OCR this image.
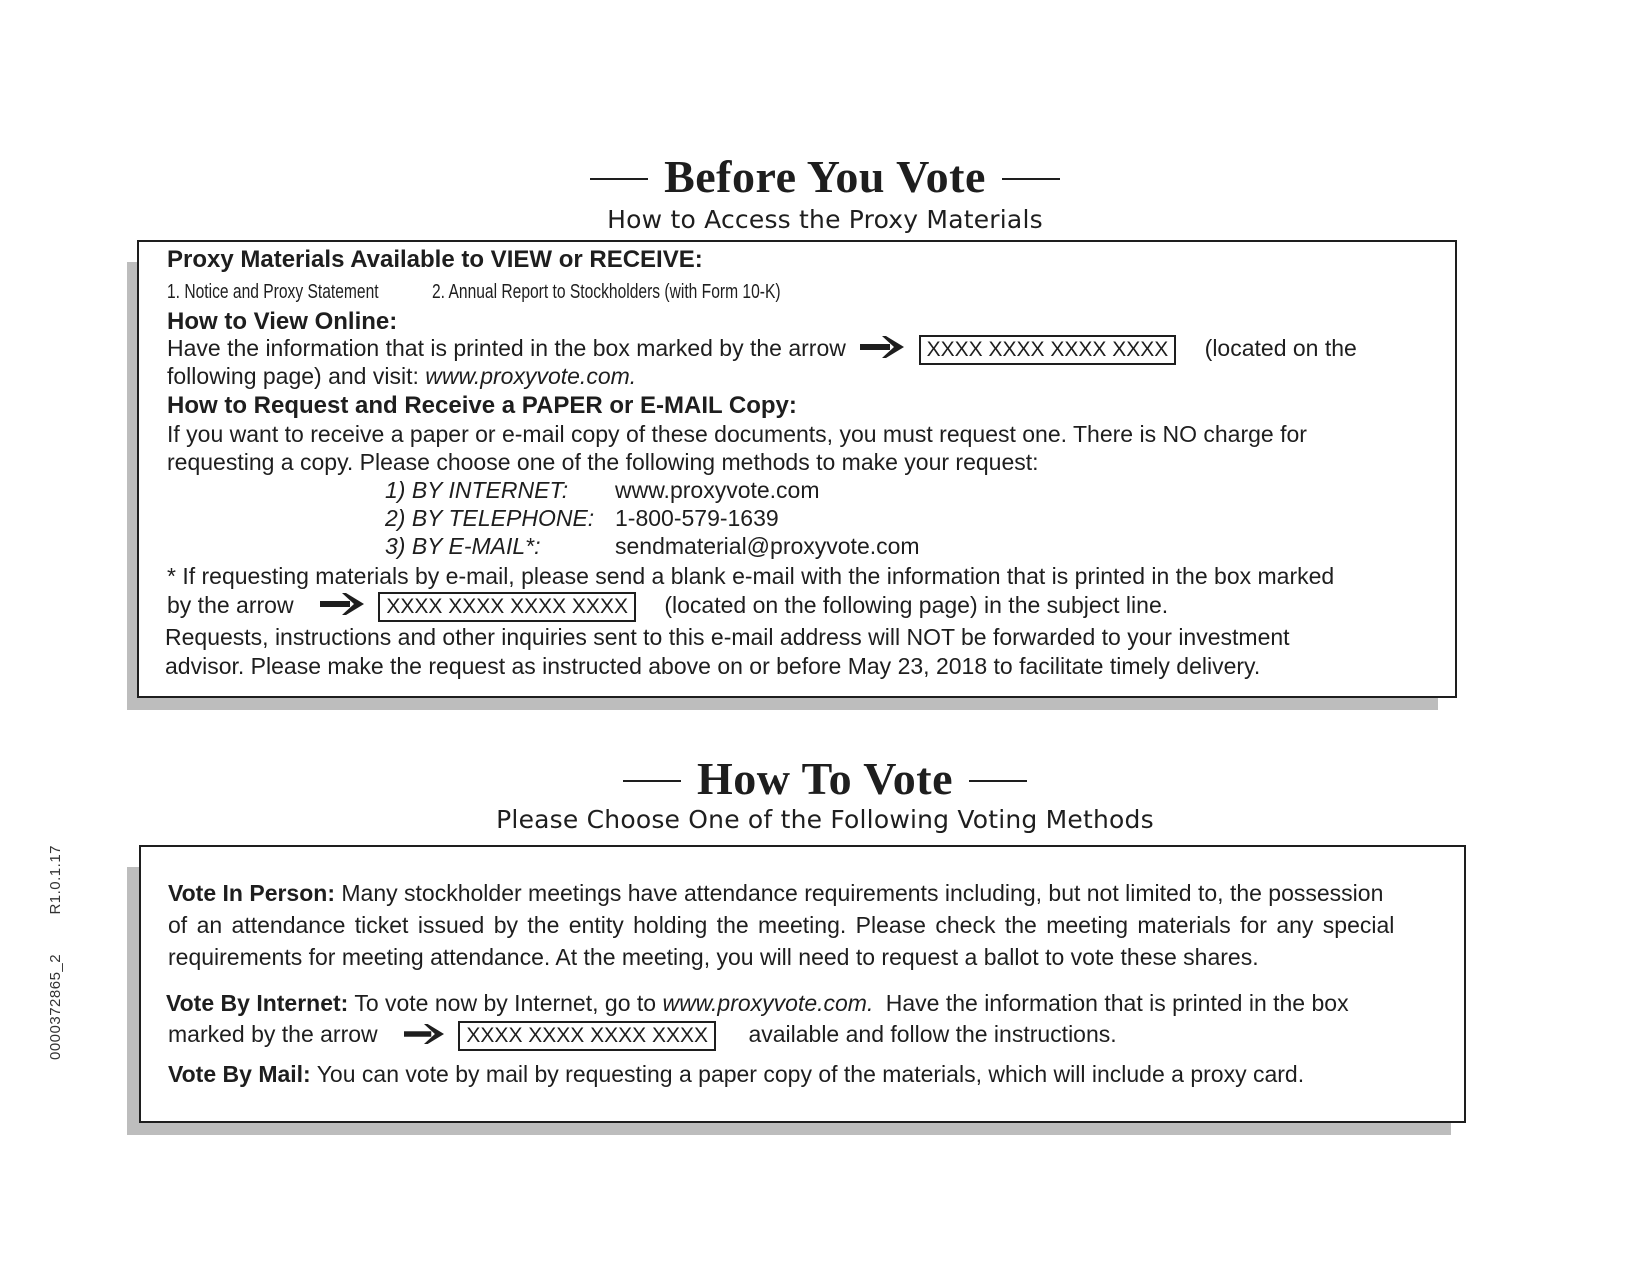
Before You Vote
How to Access the Proxy Materials
Proxy Materials Available to VIEW or RECEIVE:
1. Notice and Proxy Statement	2. Annual Report to Stockholders (with Form 10-K)
How to View Online:
Have the information that is printed in the box marked by the arrow	XXXX XXXX XXXX XXXX (located on the
following page) and visit: www.proxyvote.com.
How to Request and Receive a PAPER or E-MAIL Copy:
If you want to receive a paper or e-mail copy of these documents, you must request one. There is NO charge for
requesting a copy. Please choose one of the following methods to make your request:
1) BY INTERNET: www.proxyvote.com
2) BY TELEPHONE: 1-800-579-1639
3) BY E-MAIL*:	sendmaterial@proxyvote.com
* If requesting materials by e-mail, please send a blank e-mail with the information that is printed in the box marked
by the arrow	XXXX XXXX XXXX XXXX (located on the following page) in the subject line.
Requests, instructions and other inquiries sent to this e-mail address will NOT be forwarded to your investment
advisor. Please make the request as instructed above on or before May 23, 2018 to facilitate timely delivery.
How To Vote
Please Choose One of the Following Voting Methods
Vote In Person: Many stockholder meetings have attendance requirements including, but not limited to, the possession
of an attendance ticket issued by the entity holding the meeting. Please check the meeting materials for any special
requirements for meeting attendance. At the meeting, you will need to request a ballot to vote these shares.
Vote By Internet: To vote now by Internet, go to www.proxyvote.com. Have the information that is printed in the box
marked by the arrow	XXXX XXXX XXXX XXXX available and follow the instructions.
Vote By Mail: You can vote by mail by requesting a paper copy of the materials, which will include a proxy card.
0000372865_2  R1.0.1.17
